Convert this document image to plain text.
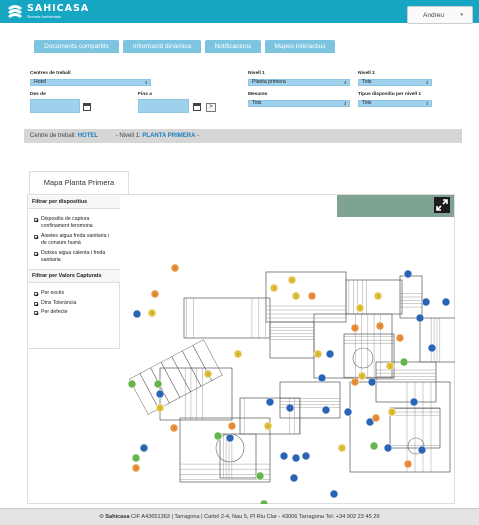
SAHICASA
Serveis Ambientals	Andreu	▾
Documents compartits	Informació dinàmica	Notificacions	Mapes interactius
Centres de treball
Hotel	⇕
Des de	Fins a
>
Nivell 1
Planta primera	⇕
Mesures
Tots	⇕
Nivell 2
Tots	⇕
Tipus dispositiu per nivell 1
Tots	⇕
Centre de treball: HOTEL	- Nivell 1: PLANTA PRIMERA -
Mapa Planta Primera
Filtrar per dispositius
Dispositiu de captura confinament feromona
Aixetes aigua freda sanitaria i de consum humà
Dutxes aigua calenta i freda sanitaria
Filtrar per Valors Capturats
Per excés
Dins Tolerància
Per defecte
!
!
!
!
!
!
!
!
!
!
!
!
!
!
!
!
!
!
!
!
!
!
!
!
!
!
!
© Sahicasa CIF A43651363 | Tarragona | Carbó 2-4, Nau 5, Pl Riu Clar - 43006 Tarragona Tel: +34 902 23 45 29
